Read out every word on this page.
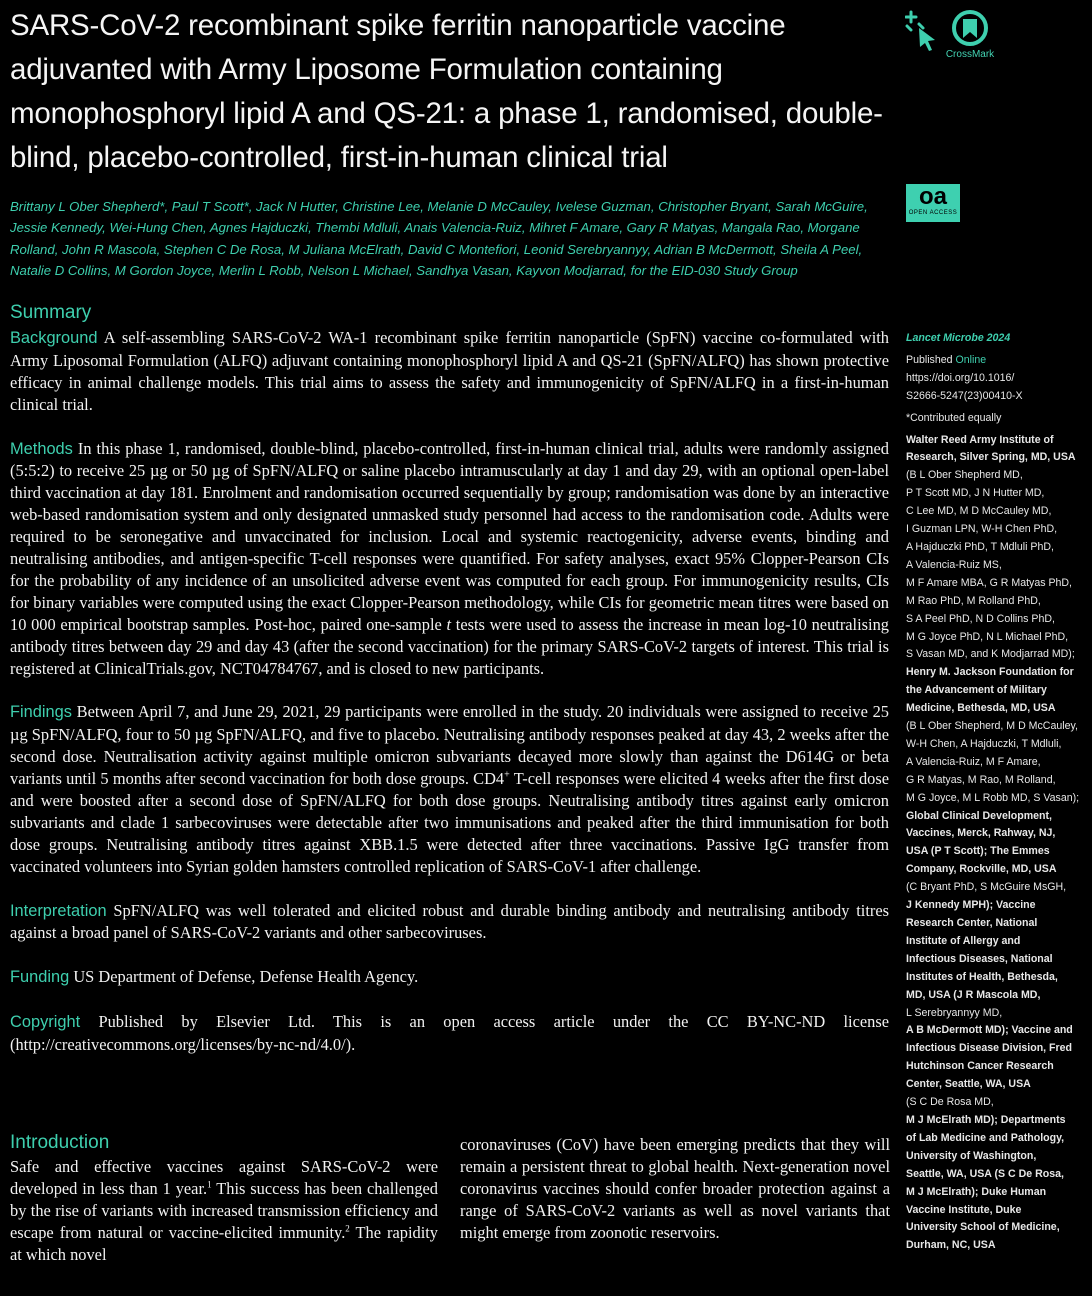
SARS-CoV-2 recombinant spike ferritin nanoparticle vaccine adjuvanted with Army Liposome Formulation containing monophosphoryl lipid A and QS-21: a phase 1, randomised, double-blind, placebo-controlled, first-in-human clinical trial
CrossMark
oa
OPEN ACCESS
Brittany L Ober Shepherd*, Paul T Scott*, Jack N Hutter, Christine Lee, Melanie D McCauley, Ivelese Guzman, Christopher Bryant, Sarah McGuire, Jessie Kennedy, Wei-Hung Chen, Agnes Hajduczki, Thembi Mdluli, Anais Valencia-Ruiz, Mihret F Amare, Gary R Matyas, Mangala Rao, Morgane Rolland, John R Mascola, Stephen C De Rosa, M Juliana McElrath, David C Montefiori, Leonid Serebryannyy, Adrian B McDermott, Sheila A Peel, Natalie D Collins, M Gordon Joyce, Merlin L Robb, Nelson L Michael, Sandhya Vasan, Kayvon Modjarrad, for the EID-030 Study Group
Summary

Background A self-assembling SARS-CoV-2 WA-1 recombinant spike ferritin nanoparticle (SpFN) vaccine co-formulated with Army Liposomal Formulation (ALFQ) adjuvant containing monophosphoryl lipid A and QS-21 (SpFN/ALFQ) has shown protective efficacy in animal challenge models. This trial aims to assess the safety and immunogenicity of SpFN/ALFQ in a first-in-human clinical trial.

Methods In this phase 1, randomised, double-blind, placebo-controlled, first-in-human clinical trial, adults were randomly assigned (5:5:2) to receive 25 µg or 50 µg of SpFN/ALFQ or saline placebo intramuscularly at day 1 and day 29, with an optional open-label third vaccination at day 181. Enrolment and randomisation occurred sequentially by group; randomisation was done by an interactive web-based randomisation system and only designated unmasked study personnel had access to the randomisation code. Adults were required to be seronegative and unvaccinated for inclusion. Local and systemic reactogenicity, adverse events, binding and neutralising antibodies, and antigen-specific T-cell responses were quantified. For safety analyses, exact 95% Clopper-Pearson CIs for the probability of any incidence of an unsolicited adverse event was computed for each group. For immunogenicity results, CIs for binary variables were computed using the exact Clopper-Pearson methodology, while CIs for geometric mean titres were based on 10 000 empirical bootstrap samples. Post-hoc, paired one-sample t tests were used to assess the increase in mean log-10 neutralising antibody titres between day 29 and day 43 (after the second vaccination) for the primary SARS-CoV-2 targets of interest. This trial is registered at ClinicalTrials.gov, NCT04784767, and is closed to new participants.

Findings Between April 7, and June 29, 2021, 29 participants were enrolled in the study. 20 individuals were assigned to receive 25 µg SpFN/ALFQ, four to 50 µg SpFN/ALFQ, and five to placebo. Neutralising antibody responses peaked at day 43, 2 weeks after the second dose. Neutralisation activity against multiple omicron subvariants decayed more slowly than against the D614G or beta variants until 5 months after second vaccination for both dose groups. CD4+ T-cell responses were elicited 4 weeks after the first dose and were boosted after a second dose of SpFN/ALFQ for both dose groups. Neutralising antibody titres against early omicron subvariants and clade 1 sarbecoviruses were detectable after two immunisations and peaked after the third immunisation for both dose groups. Neutralising antibody titres against XBB.1.5 were detected after three vaccinations. Passive IgG transfer from vaccinated volunteers into Syrian golden hamsters controlled replication of SARS-CoV-1 after challenge.

Interpretation SpFN/ALFQ was well tolerated and elicited robust and durable binding antibody and neutralising antibody titres against a broad panel of SARS-CoV-2 variants and other sarbecoviruses.

Funding US Department of Defense, Defense Health Agency.

Copyright Published by Elsevier Ltd. This is an open access article under the CC BY-NC-ND license (http://creativecommons.org/licenses/by-nc-nd/4.0/).

Introduction
Safe and effective vaccines against SARS-CoV-2 were developed in less than 1 year.$^1$ This success has been challenged by the rise of variants with increased transmission efficiency and escape from natural or vaccine-elicited immunity.$^2$ The rapidity at which novel
coronaviruses (CoV) have been emerging predicts that they will remain a persistent threat to global health. Next-generation novel coronavirus vaccines should confer broader protection against a range of SARS-CoV-2 variants as well as novel variants that might emerge from zoonotic reservoirs.
Lancet Microbe 2024
Published Online
https://doi.org/10.1016/
S2666-5247(23)00410-X
*Contributed equally
Walter Reed Army Institute of
Research, Silver Spring, MD, USA
(B L Ober Shepherd MD,
P T Scott MD, J N Hutter MD,
C Lee MD, M D McCauley MD,
I Guzman LPN, W-H Chen PhD,
A Hajduczki PhD, T Mdluli PhD,
A Valencia-Ruiz MS,
M F Amare MBA, G R Matyas PhD,
M Rao PhD, M Rolland PhD,
S A Peel PhD, N D Collins PhD,
M G Joyce PhD, N L Michael PhD,
S Vasan MD, and K Modjarrad MD);
Henry M. Jackson Foundation for
the Advancement of Military
Medicine, Bethesda, MD, USA
(B L Ober Shepherd, M D McCauley,
W-H Chen, A Hajduczki, T Mdluli,
A Valencia-Ruiz, M F Amare,
G R Matyas, M Rao, M Rolland,
M G Joyce, M L Robb MD, S Vasan);
Global Clinical Development,
Vaccines, Merck, Rahway, NJ,
USA (P T Scott); The Emmes
Company, Rockville, MD, USA
(C Bryant PhD, S McGuire MsGH,
J Kennedy MPH); Vaccine
Research Center, National
Institute of Allergy and
Infectious Diseases, National
Institutes of Health, Bethesda,
MD, USA (J R Mascola MD,
L Serebryannyy MD,
A B McDermott MD); Vaccine and
Infectious Disease Division, Fred
Hutchinson Cancer Research
Center, Seattle, WA, USA
(S C De Rosa MD,
M J McElrath MD); Departments
of Lab Medicine and Pathology,
University of Washington,
Seattle, WA, USA (S C De Rosa,
M J McElrath); Duke Human
Vaccine Institute, Duke
University School of Medicine,
Durham, NC, USA
